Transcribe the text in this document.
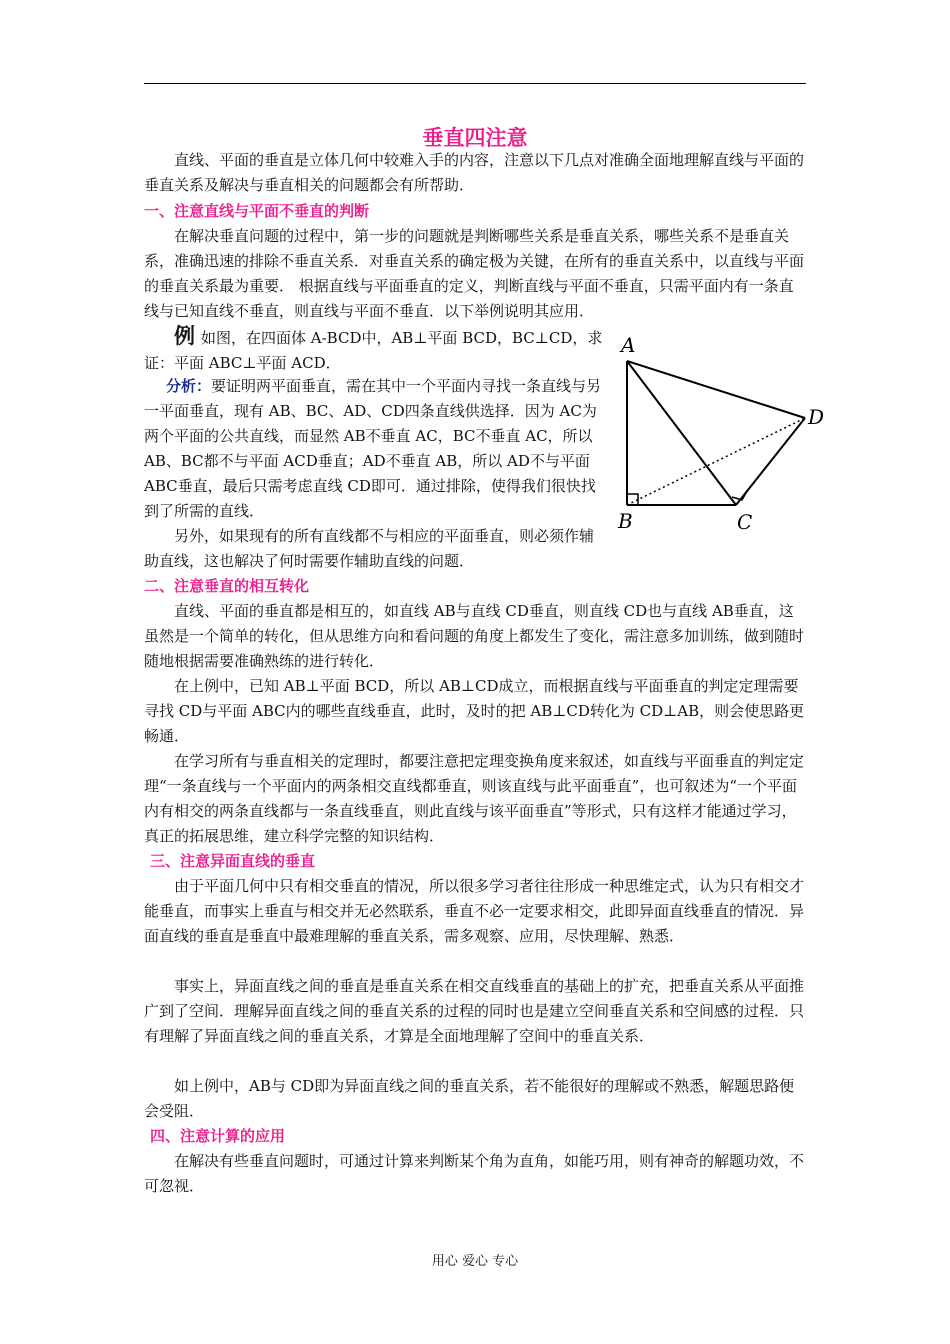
垂直四注意

直线、平面的垂直是立体几何中较难入手的内容，注意以下几点对准确全面地理解直线与平面的垂直关系及解决与垂直相关的问题都会有所帮助．

一、注意直线与平面不垂直的判断

在解决垂直问题的过程中，第一步的问题就是判断哪些关系是垂直关系，哪些关系不是垂直关系，准确迅速的排除不垂直关系．对垂直关系的确定极为关键，在所有的垂直关系中，以直线与平面的垂直关系最为重要． 根据直线与平面垂直的定义，判断直线与平面不垂直，只需平面内有一条直线与已知直线不垂直，则直线与平面不垂直．以下举例说明其应用．

例 如图，在四面体 A-BCD中，AB⊥平面 BCD，BC⊥CD，求证：平面 ABC⊥平面 ACD．

分析：要证明两平面垂直，需在其中一个平面内寻找一条直线与另一平面垂直，现有 AB、BC、AD、CD四条直线供选择．因为 AC为两个平面的公共直线，而显然 AB不垂直 AC，BC不垂直 AC，所以 AB、BC都不与平面 ACD垂直；AD不垂直 AB，所以 AD不与平面 ABC垂直，最后只需考虑直线 CD即可．通过排除，使得我们很快找到了所需的直线．

另外，如果现有的所有直线都不与相应的平面垂直，则必须作辅助直线，这也解决了何时需要作辅助直线的问题．

A
B	C
D

二、注意垂直的相互转化

直线、平面的垂直都是相互的，如直线 AB与直线 CD垂直，则直线 CD也与直线 AB垂直，这虽然是一个简单的转化，但从思维方向和看问题的角度上都发生了变化，需注意多加训练，做到随时随地根据需要准确熟练的进行转化．

在上例中，已知 AB⊥平面 BCD，所以 AB⊥CD成立，而根据直线与平面垂直的判定定理需要寻找 CD与平面 ABC内的哪些直线垂直，此时，及时的把 AB⊥CD转化为 CD⊥AB，则会使思路更畅通．

在学习所有与垂直相关的定理时，都要注意把定理变换角度来叙述，如直线与平面垂直的判定定理“一条直线与一个平面内的两条相交直线都垂直，则该直线与此平面垂直”，也可叙述为“一个平面内有相交的两条直线都与一条直线垂直，则此直线与该平面垂直”等形式，只有这样才能通过学习，真正的拓展思维，建立科学完整的知识结构．

三、注意异面直线的垂直

由于平面几何中只有相交垂直的情况，所以很多学习者往往形成一种思维定式，认为只有相交才能垂直，而事实上垂直与相交并无必然联系，垂直不必一定要求相交，此即异面直线垂直的情况．异面直线的垂直是垂直中最难理解的垂直关系，需多观察、应用，尽快理解、熟悉．

事实上，异面直线之间的垂直是垂直关系在相交直线垂直的基础上的扩充，把垂直关系从平面推广到了空间．理解异面直线之间的垂直关系的过程的同时也是建立空间垂直关系和空间感的过程．只有理解了异面直线之间的垂直关系，才算是全面地理解了空间中的垂直关系．

如上例中，AB与 CD即为异面直线之间的垂直关系，若不能很好的理解或不熟悉，解题思路便会受阻．

四、注意计算的应用

在解决有些垂直问题时，可通过计算来判断某个角为直角，如能巧用，则有神奇的解题功效，不可忽视．

用心 爱心 专心
